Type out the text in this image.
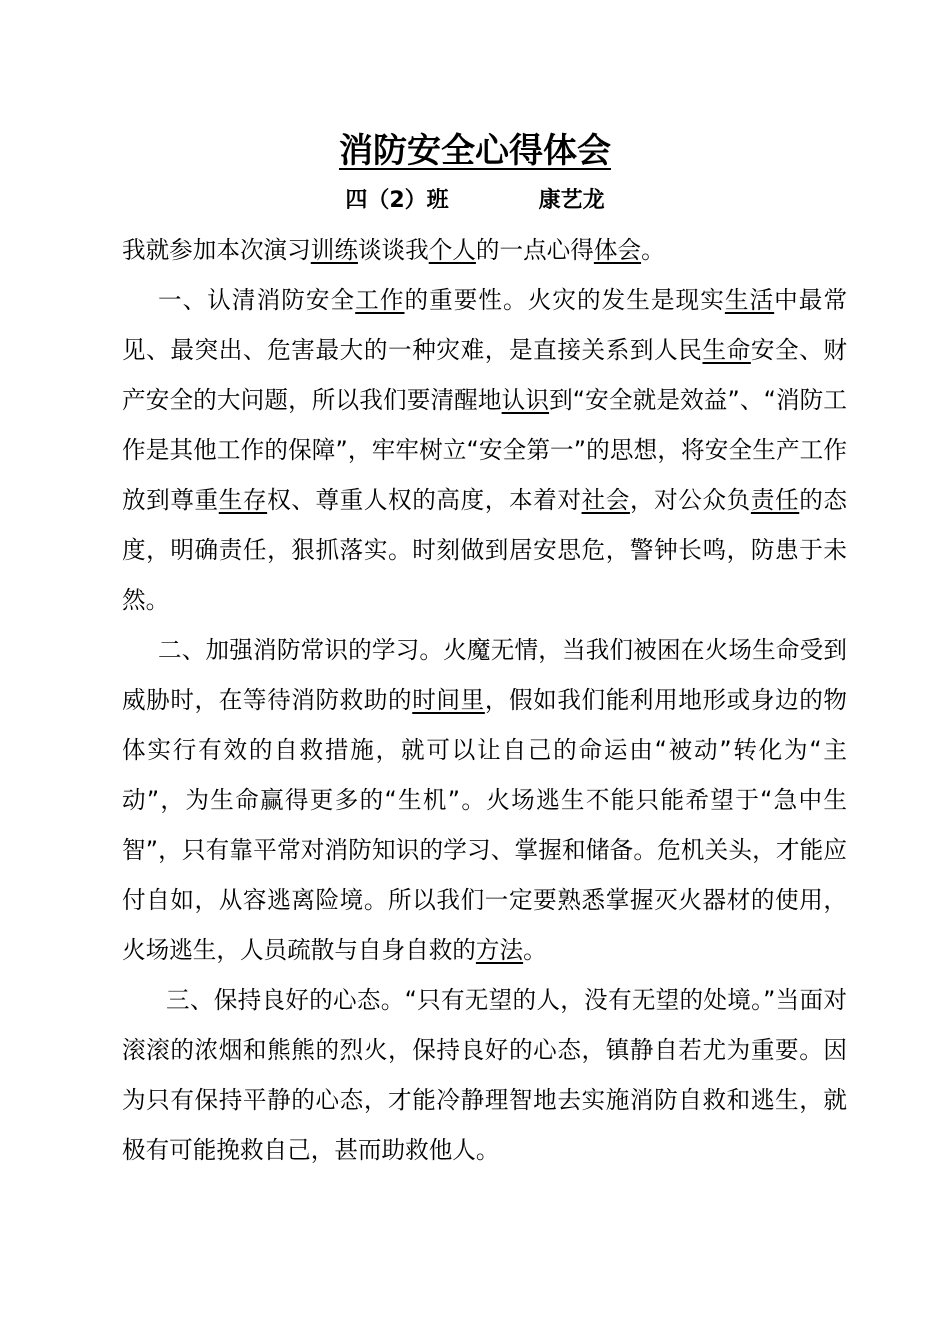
消防安全心得体会
四（2）班	康艺龙

我就参加本次演习训练谈谈我个人的一点心得体会。

一、认清消防安全工作的重要性。火灾的发生是现实生活中最常见、最突出、危害最大的一种灾难，是直接关系到人民生命安全、财产安全的大问题，所以我们要清醒地认识到“安全就是效益”、“消防工作是其他工作的保障”，牢牢树立“安全第一”的思想，将安全生产工作放到尊重生存权、尊重人权的高度，本着对社会，对公众负责任的态度，明确责任，狠抓落实。时刻做到居安思危，警钟长鸣，防患于未然。

二、加强消防常识的学习。火魔无情，当我们被困在火场生命受到威胁时，在等待消防救助的时间里，假如我们能利用地形或身边的物体实行有效的自救措施，就可以让自己的命运由“被动”转化为“主动”，为生命赢得更多的“生机”。火场逃生不能只能希望于“急中生智”，只有靠平常对消防知识的学习、掌握和储备。危机关头，才能应付自如，从容逃离险境。所以我们一定要熟悉掌握灭火器材的使用，火场逃生，人员疏散与自身自救的方法。

三、保持良好的心态。“只有无望的人，没有无望的处境。”当面对滚滚的浓烟和熊熊的烈火，保持良好的心态，镇静自若尤为重要。因为只有保持平静的心态，才能冷静理智地去实施消防自救和逃生，就极有可能挽救自己，甚而助救他人。
